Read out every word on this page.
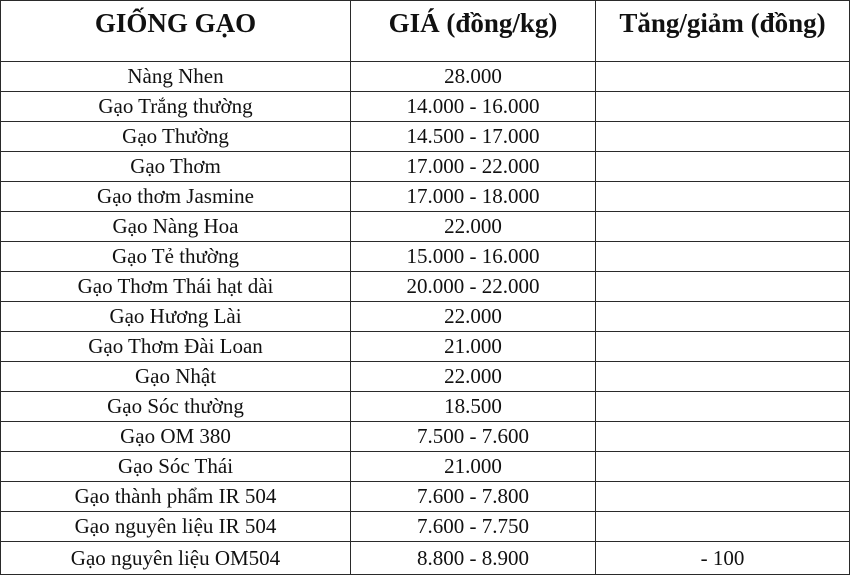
GIỐNG GẠO	GIÁ (đồng/kg)	Tăng/giảm (đồng)
Nàng Nhen	28.000	
Gạo Trắng thường	14.000 - 16.000	
Gạo Thường	14.500 - 17.000	
Gạo Thơm	17.000 - 22.000	
Gạo thơm Jasmine	17.000 - 18.000	
Gạo Nàng Hoa	22.000	
Gạo Tẻ thường	15.000 - 16.000	
Gạo Thơm Thái hạt dài	20.000 - 22.000	
Gạo Hương Lài	22.000	
Gạo Thơm Đài Loan	21.000	
Gạo Nhật	22.000	
Gạo Sóc thường	18.500	
Gạo OM 380	7.500 - 7.600	
Gạo Sóc Thái	21.000	
Gạo thành phẩm IR 504	7.600 - 7.800	
Gạo nguyên liệu IR 504	7.600 - 7.750	
Gạo nguyên liệu OM504	8.800 - 8.900	- 100
